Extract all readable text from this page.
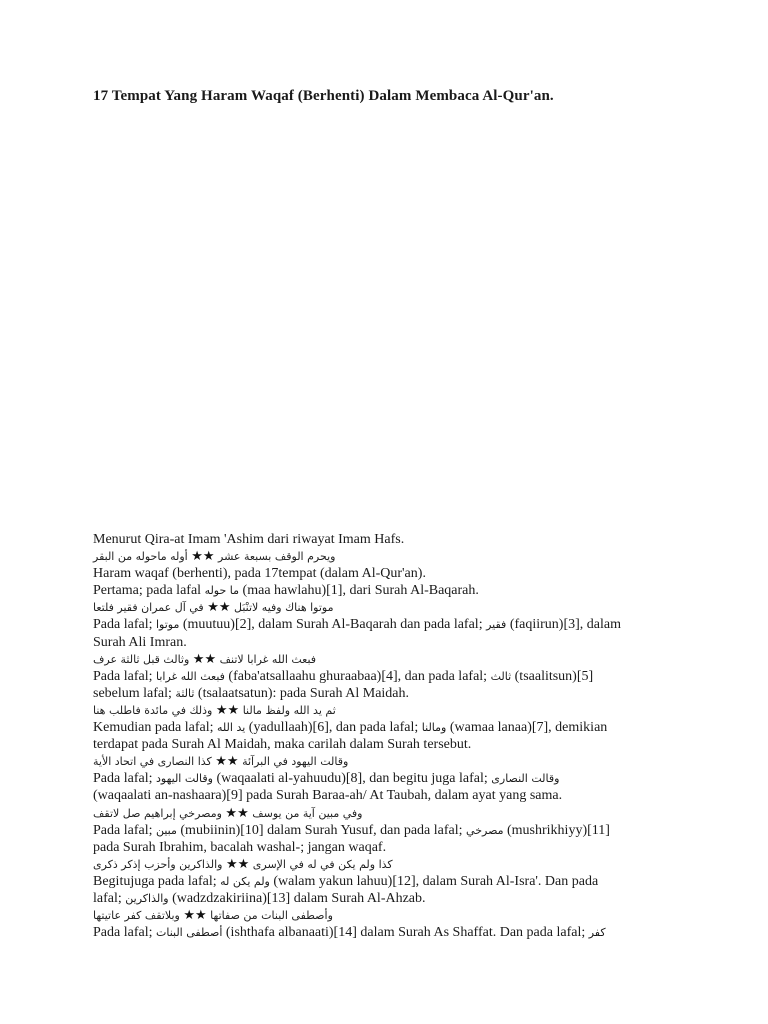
17 Tempat Yang Haram Waqaf (Berhenti) Dalam Membaca Al-Qur'an.
Menurut Qira-at Imam 'Ashim dari riwayat Imam Hafs.
أوله ماحوله من البقر ★★ ويحرم الوقف بسبعة عشر
Haram waqaf (berhenti), pada 17tempat (dalam Al-Qur'an).
Pertama; pada lafal ما حوله (maa hawlahu)[1], dari Surah Al-Baqarah.
في آل عمران فقير فلتعا ★★ موتوا هناك وفيه لاتنْبَل
Pada lafal; موتوا (muutuu)[2], dalam Surah Al-Baqarah dan pada lafal; فقير (faqiirun)[3], dalam
Surah Ali Imran.
وثالث قبل ثالثة عرف ★★ فبعث الله غرابا لاتنف
Pada lafal; فبعث الله غرابا (faba'atsallaahu ghuraabaa)[4], dan pada lafal; ثالث (tsaalitsun)[5]
sebelum lafal; ثالثة (tsalaatsatun): pada Surah Al Maidah.
وذلك في مائدة فاطلب هنا ★★ ثم يد الله ولفظ مالنا
Kemudian pada lafal; يد الله (yadullaah)[6], dan pada lafal; ومالنا (wamaa lanaa)[7], demikian
terdapat pada Surah Al Maidah, maka carilah dalam Surah tersebut.
كذا النصارى في اتحاد الأية ★★ وقالت اليهود في البرآئة
Pada lafal; وقالت اليهود (waqaalati al-yahuudu)[8], dan begitu juga lafal; وقالت النصارى
(waqaalati an-nashaara)[9] pada Surah Baraa-ah/ At Taubah, dalam ayat yang sama.
ومصرخي إبراهيم صل لاتقف ★★ وفي مبين آية من يوسف
Pada lafal; مبين (mubiinin)[10] dalam Surah Yusuf, dan pada lafal; مصرخي (mushrikhiyy)[11]
pada Surah Ibrahim, bacalah washal-; jangan waqaf.
والذاكرين وأحزب إذكر ذكرى ★★ كذا ولم يكن في له في الإسرى
Begitujuga pada lafal; ولم يكن له (walam yakun lahuu)[12], dalam Surah Al-Isra'. Dan pada
lafal; والذاكرين (wadzdzakiriina)[13] dalam Surah Al-Ahzab.
وبلاتقف كفر عاتيتها ★★ وأصطفى البنات من صفاتها
Pada lafal; أصطفى البنات (ishthafa albanaati)[14] dalam Surah As Shaffat. Dan pada lafal; كفر
